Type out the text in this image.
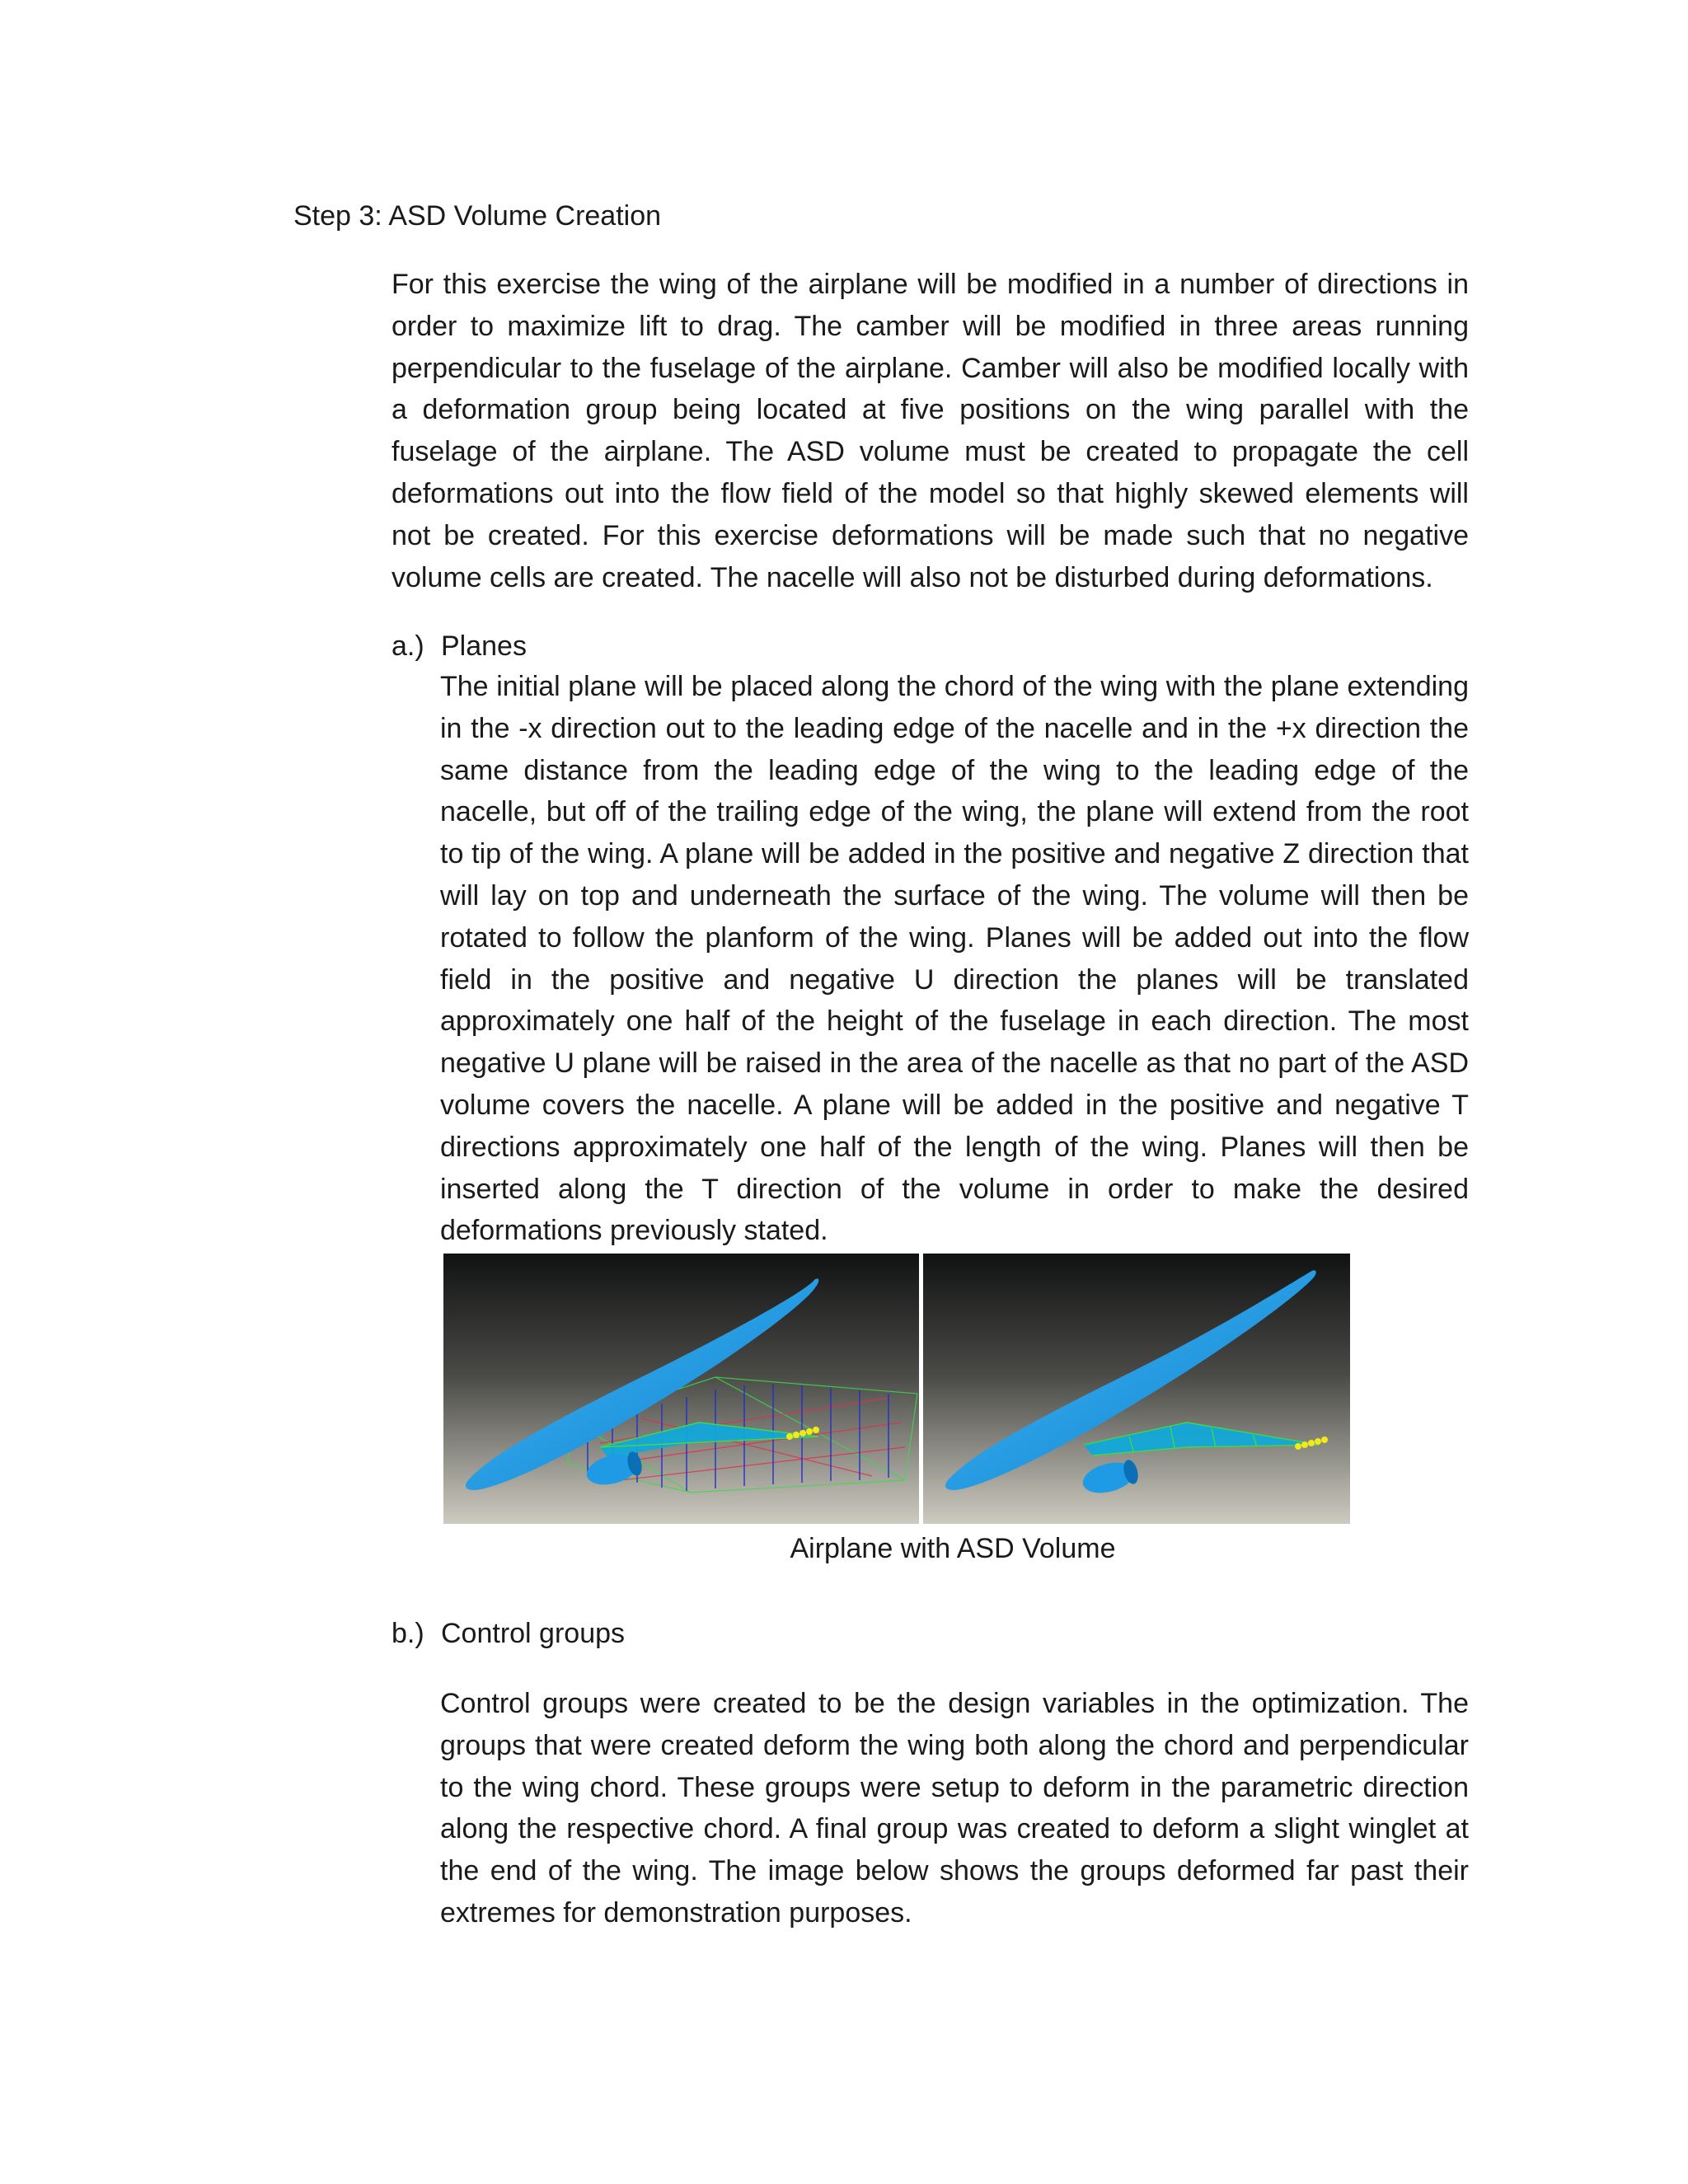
Step 3: ASD Volume Creation

For this exercise the wing of the airplane will be modified in a number of directions in order to maximize lift to drag. The camber will be modified in three areas running perpendicular to the fuselage of the airplane. Camber will also be modified locally with a deformation group being located at five positions on the wing parallel with the fuselage of the airplane. The ASD volume must be created to propagate the cell deformations out into the flow field of the model so that highly skewed elements will not be created. For this exercise deformations will be made such that no negative volume cells are created. The nacelle will also not be disturbed during deformations.

a.) Planes

The initial plane will be placed along the chord of the wing with the plane extending in the -x direction out to the leading edge of the nacelle and in the +x direction the same distance from the leading edge of the wing to the leading edge of the nacelle, but off of the trailing edge of the wing, the plane will extend from the root to tip of the wing. A plane will be added in the positive and negative Z direction that will lay on top and underneath the surface of the wing. The volume will then be rotated to follow the planform of the wing. Planes will be added out into the flow field in the positive and negative U direction the planes will be translated approximately one half of the height of the fuselage in each direction. The most negative U plane will be raised in the area of the nacelle as that no part of the ASD volume covers the nacelle. A plane will be added in the positive and negative T directions approximately one half of the length of the wing. Planes will then be inserted along the T direction of the volume in order to make the desired deformations previously stated.

Airplane with ASD Volume

b.) Control groups

Control groups were created to be the design variables in the optimization. The groups that were created deform the wing both along the chord and perpendicular to the wing chord. These groups were setup to deform in the parametric direction along the respective chord. A final group was created to deform a slight winglet at the end of the wing. The image below shows the groups deformed far past their extremes for demonstration purposes.
